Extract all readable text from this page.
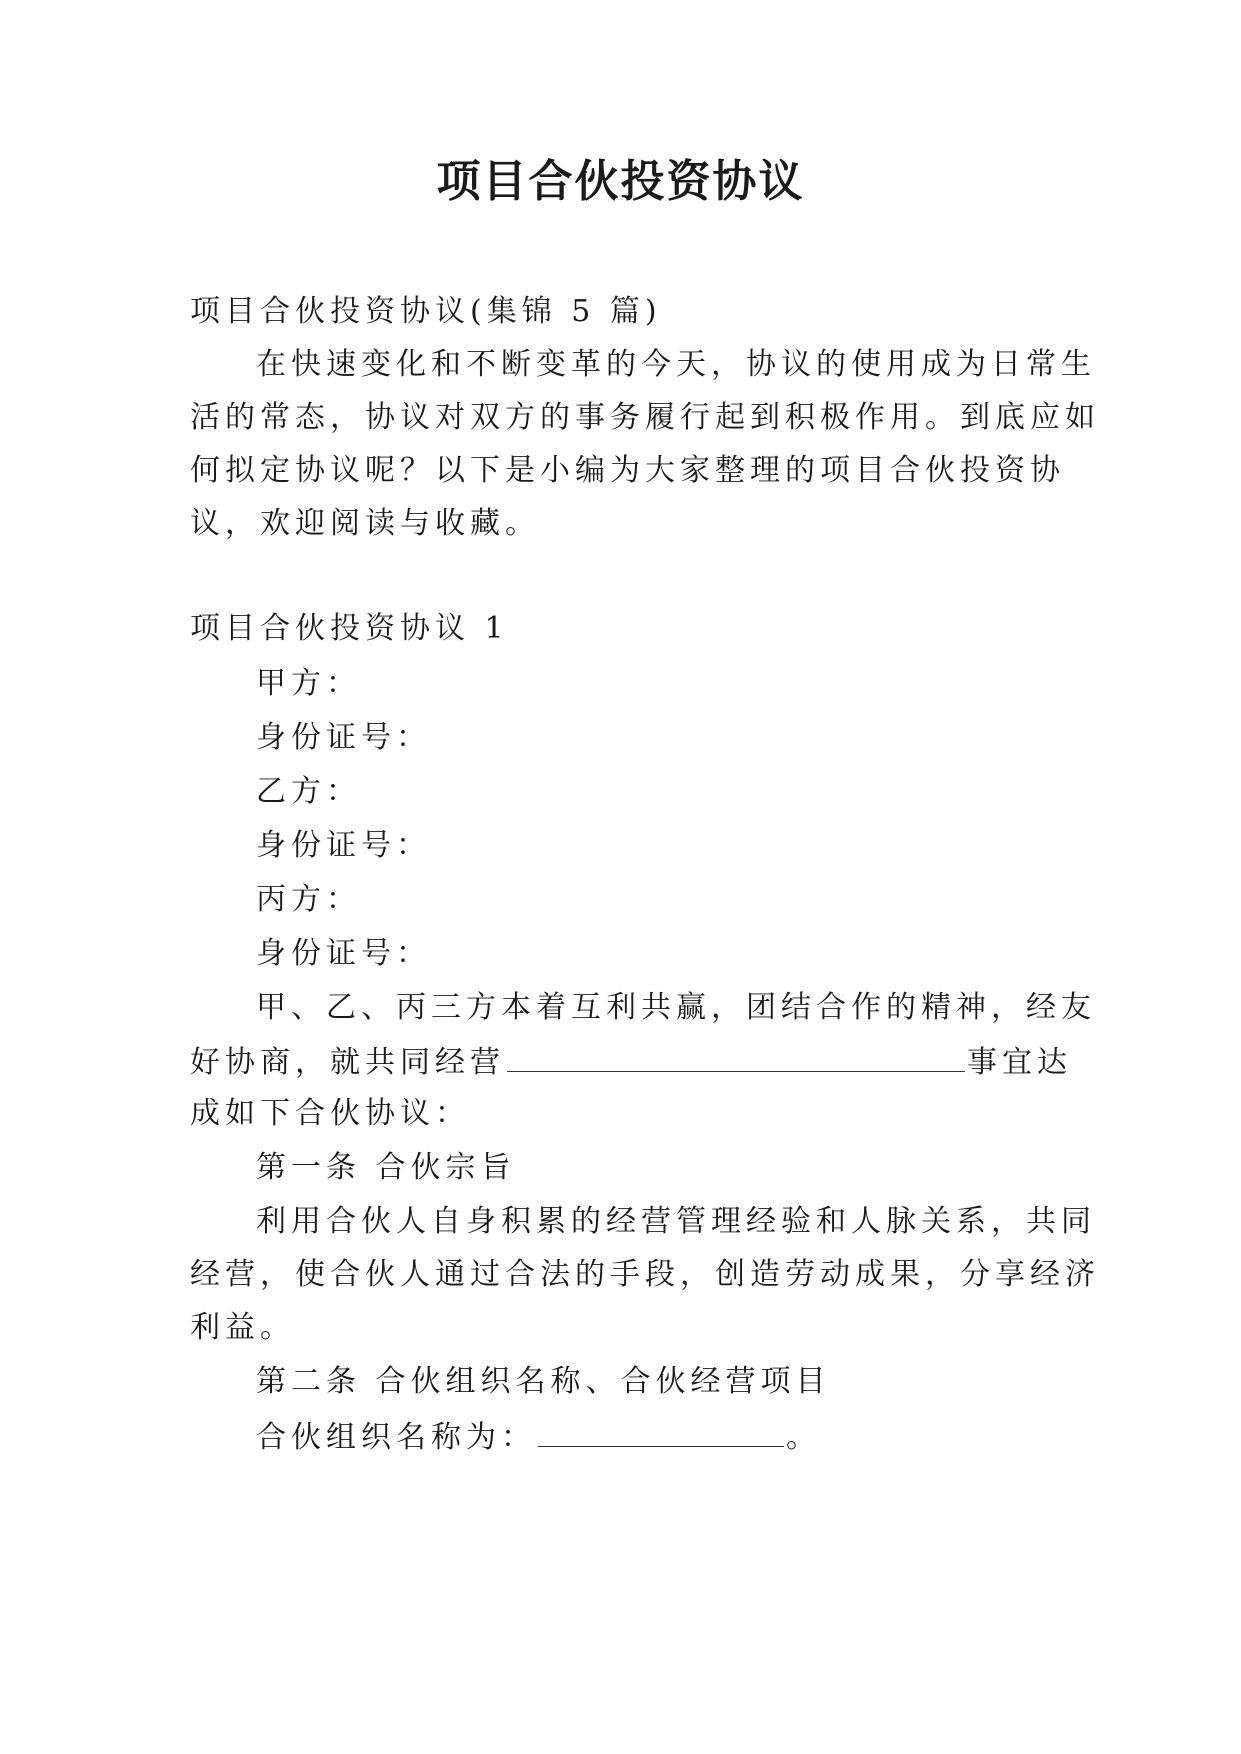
项目合伙投资协议

项目合伙投资协议(集锦 5 篇)

在快速变化和不断变革的今天，协议的使用成为日常生

活的常态，协议对双方的事务履行起到积极作用。到底应如

何拟定协议呢？以下是小编为大家整理的项目合伙投资协

议，欢迎阅读与收藏。

项目合伙投资协议 1

甲方：

身份证号：

乙方：

身份证号：

丙方：

身份证号：

甲、乙、丙三方本着互利共赢，团结合作的精神，经友

好协商，就共同经营	事宜达

成如下合伙协议：

第一条 合伙宗旨

利用合伙人自身积累的经营管理经验和人脉关系，共同

经营，使合伙人通过合法的手段，创造劳动成果，分享经济

利益。

第二条 合伙组织名称、合伙经营项目

合伙组织名称为：	。
